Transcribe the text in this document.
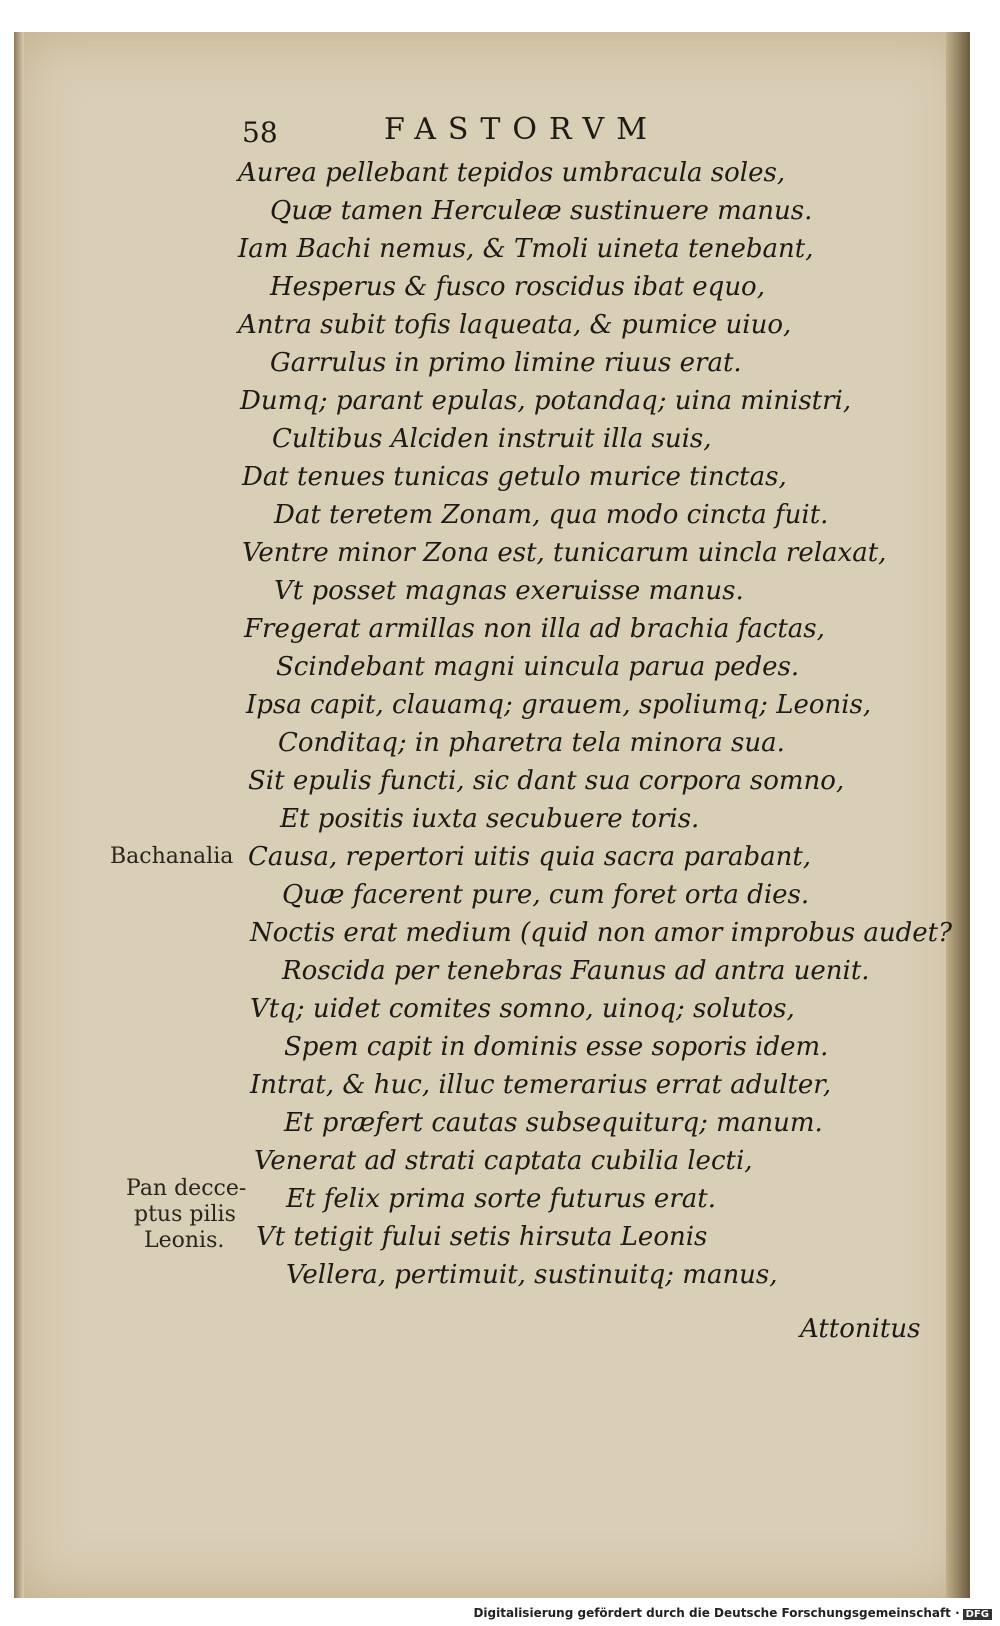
58	FASTORVM
Aurea pellebant tepidos umbracula soles,
Quæ tamen Herculeæ sustinuere manus.
Iam Bachi nemus, & Tmoli uineta tenebant,
Hesperus & fusco roscidus ibat equo,
Antra subit tofis laqueata, & pumice uiuo,
Garrulus in primo limine riuus erat.
Dumq; parant epulas, potandaq; uina ministri,
Cultibus Alciden instruit illa suis,
Dat tenues tunicas getulo murice tinctas,
Dat teretem Zonam, qua modo cincta fuit.
Ventre minor Zona est, tunicarum uincla relaxat,
Vt posset magnas exeruisse manus.
Fregerat armillas non illa ad brachia factas,
Scindebant magni uincula parua pedes.
Ipsa capit, clauamq; grauem, spoliumq; Leonis,
Conditaq; in pharetra tela minora sua.
Sit epulis functi, sic dant sua corpora somno,
Et positis iuxta secubuere toris.
Causa, repertori uitis quia sacra parabant,
Quæ facerent pure, cum foret orta dies.
Noctis erat medium (quid non amor improbus audet?
Roscida per tenebras Faunus ad antra uenit.
Vtq; uidet comites somno, uinoq; solutos,
Spem capit in dominis esse soporis idem.
Intrat, & huc, illuc temerarius errat adulter,
Et præfert cautas subsequiturq; manum.
Venerat ad strati captata cubilia lecti,
Et felix prima sorte futurus erat.
Vt tetigit fului setis hirsuta Leonis
Vellera, pertimuit, sustinuitq; manus,
Bachanalia
Pan decce-
ptus pilis
Leonis.
Attonitus
Digitalisierung gefördert durch die Deutsche Forschungsgemeinschaft · DFG
